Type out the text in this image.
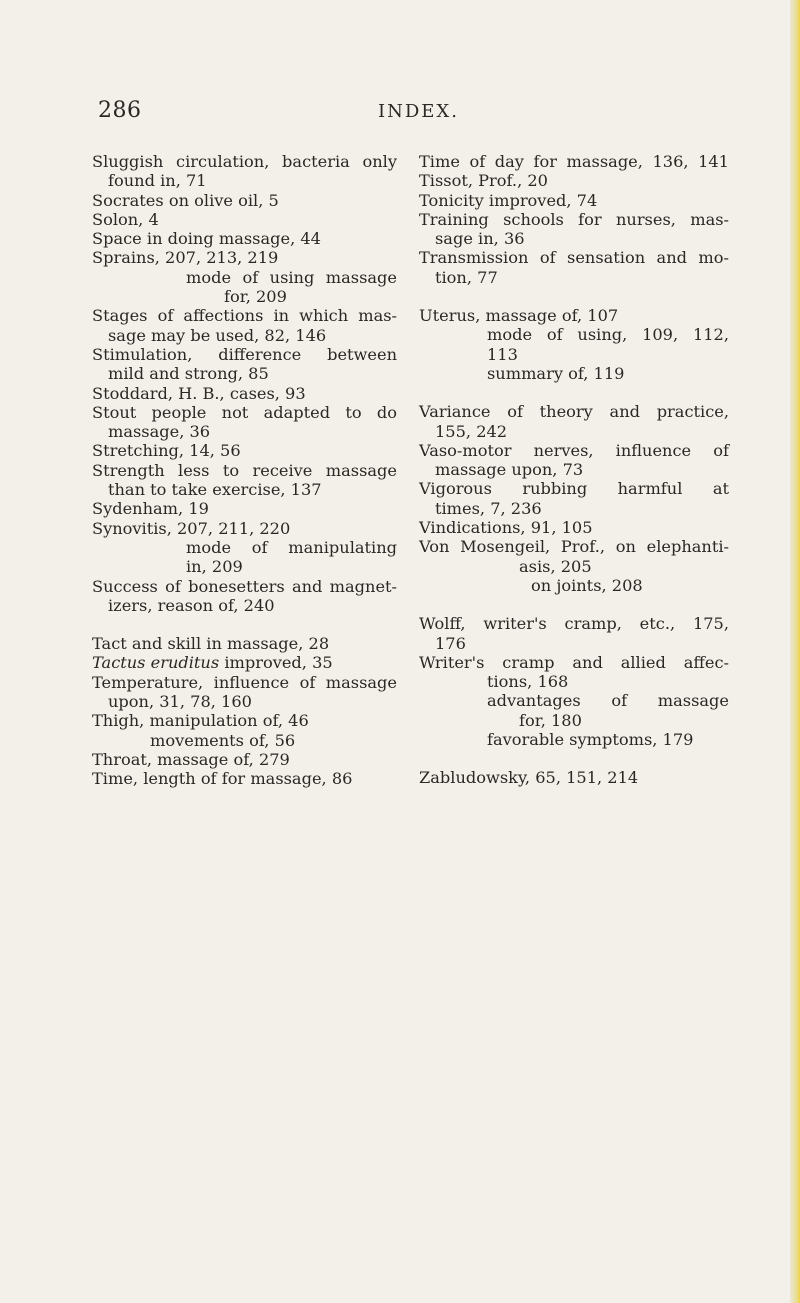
286	INDEX.
Sluggish circulation, bacteria only
found in, 71
Socrates on olive oil, 5
Solon, 4
Space in doing massage, 44
Sprains, 207, 213, 219
mode of using massage
for, 209
Stages of affections in which mas-
sage may be used, 82, 146
Stimulation, difference between
mild and strong, 85
Stoddard, H. B., cases, 93
Stout people not adapted to do
massage, 36
Stretching, 14, 56
Strength less to receive massage
than to take exercise, 137
Sydenham, 19
Synovitis, 207, 211, 220
mode of manipulating
in, 209
Success of bonesetters and magnet-
izers, reason of, 240
Tact and skill in massage, 28
Tactus eruditus improved, 35
Temperature, influence of massage
upon, 31, 78, 160
Thigh, manipulation of, 46
movements of, 56
Throat, massage of, 279
Time, length of for massage, 86
Time of day for massage, 136, 141
Tissot, Prof., 20
Tonicity improved, 74
Training schools for nurses, mas-
sage in, 36
Transmission of sensation and mo-
tion, 77
Uterus, massage of, 107
mode of using, 109, 112,
113
summary of, 119
Variance of theory and practice,
155, 242
Vaso-motor nerves, influence of
massage upon, 73
Vigorous rubbing harmful at
times, 7, 236
Vindications, 91, 105
Von Mosengeil, Prof., on elephanti-
asis, 205
on joints, 208
Wolff, writer's cramp, etc., 175,
176
Writer's cramp and allied affec-
tions, 168
advantages of massage
for, 180
favorable symptoms, 179
Zabludowsky, 65, 151, 214
